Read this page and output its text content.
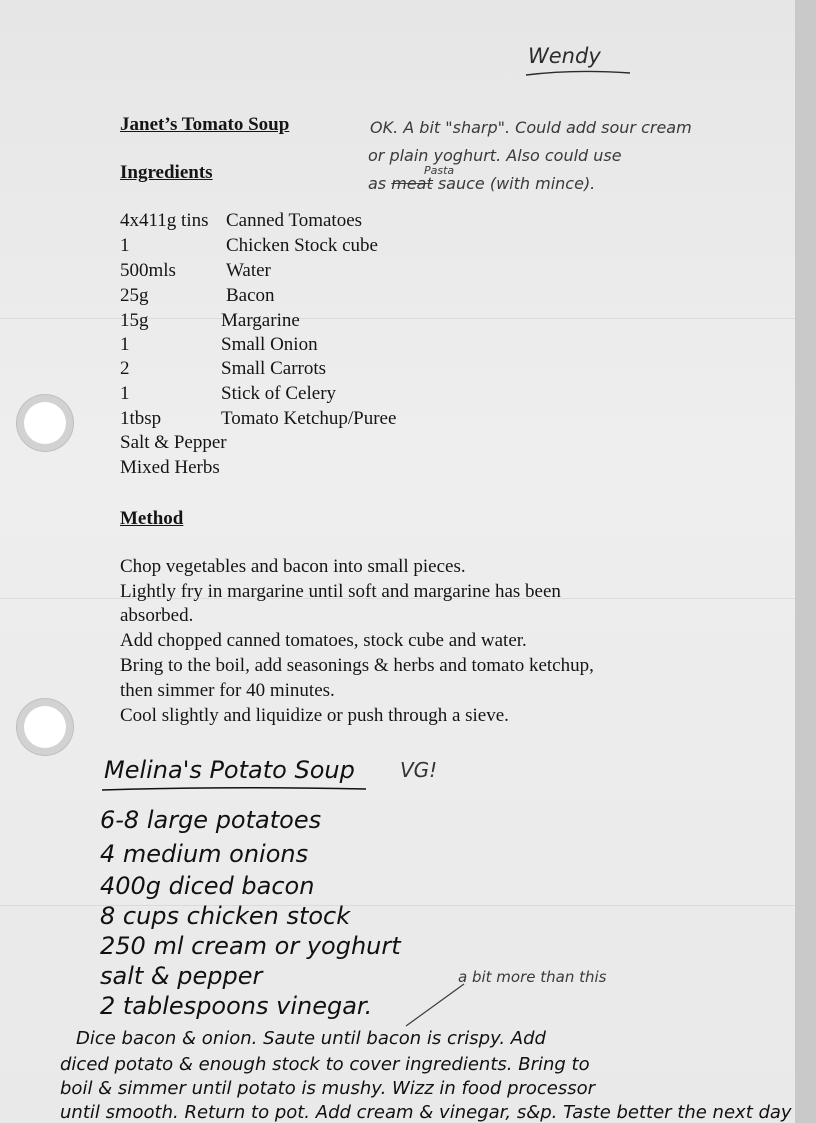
Wendy
Janet’s Tomato Soup
Ingredients
OK. A bit "sharp". Could add sour cream
or plain yoghurt. Also could use
as meat sauce (with mince).
Pasta
4x411g tins Canned Tomatoes
1	Chicken Stock cube
500mls	Water
25g	Bacon
15g	Margarine
1	Small Onion
2	Small Carrots
1	Stick of Celery
1tbsp	Tomato Ketchup/Puree
Salt & Pepper
Mixed Herbs
Method
Chop vegetables and bacon into small pieces.
Lightly fry in margarine until soft and margarine has been
absorbed.
Add chopped canned tomatoes, stock cube and water.
Bring to the boil, add seasonings & herbs and tomato ketchup,
then simmer for 40 minutes.
Cool slightly and liquidize or push through a sieve.
Melina's Potato Soup VG!
6-8 large potatoes
4 medium onions
400g diced bacon
8 cups chicken stock
250 ml cream or yoghurt
salt & pepper
2 tablespoons vinegar.
a bit more than this
Dice bacon & onion. Saute until bacon is crispy. Add
diced potato & enough stock to cover ingredients. Bring to
boil & simmer until potato is mushy. Wizz in food processor
until smooth. Return to pot. Add cream & vinegar, s&p. Taste better the next day
